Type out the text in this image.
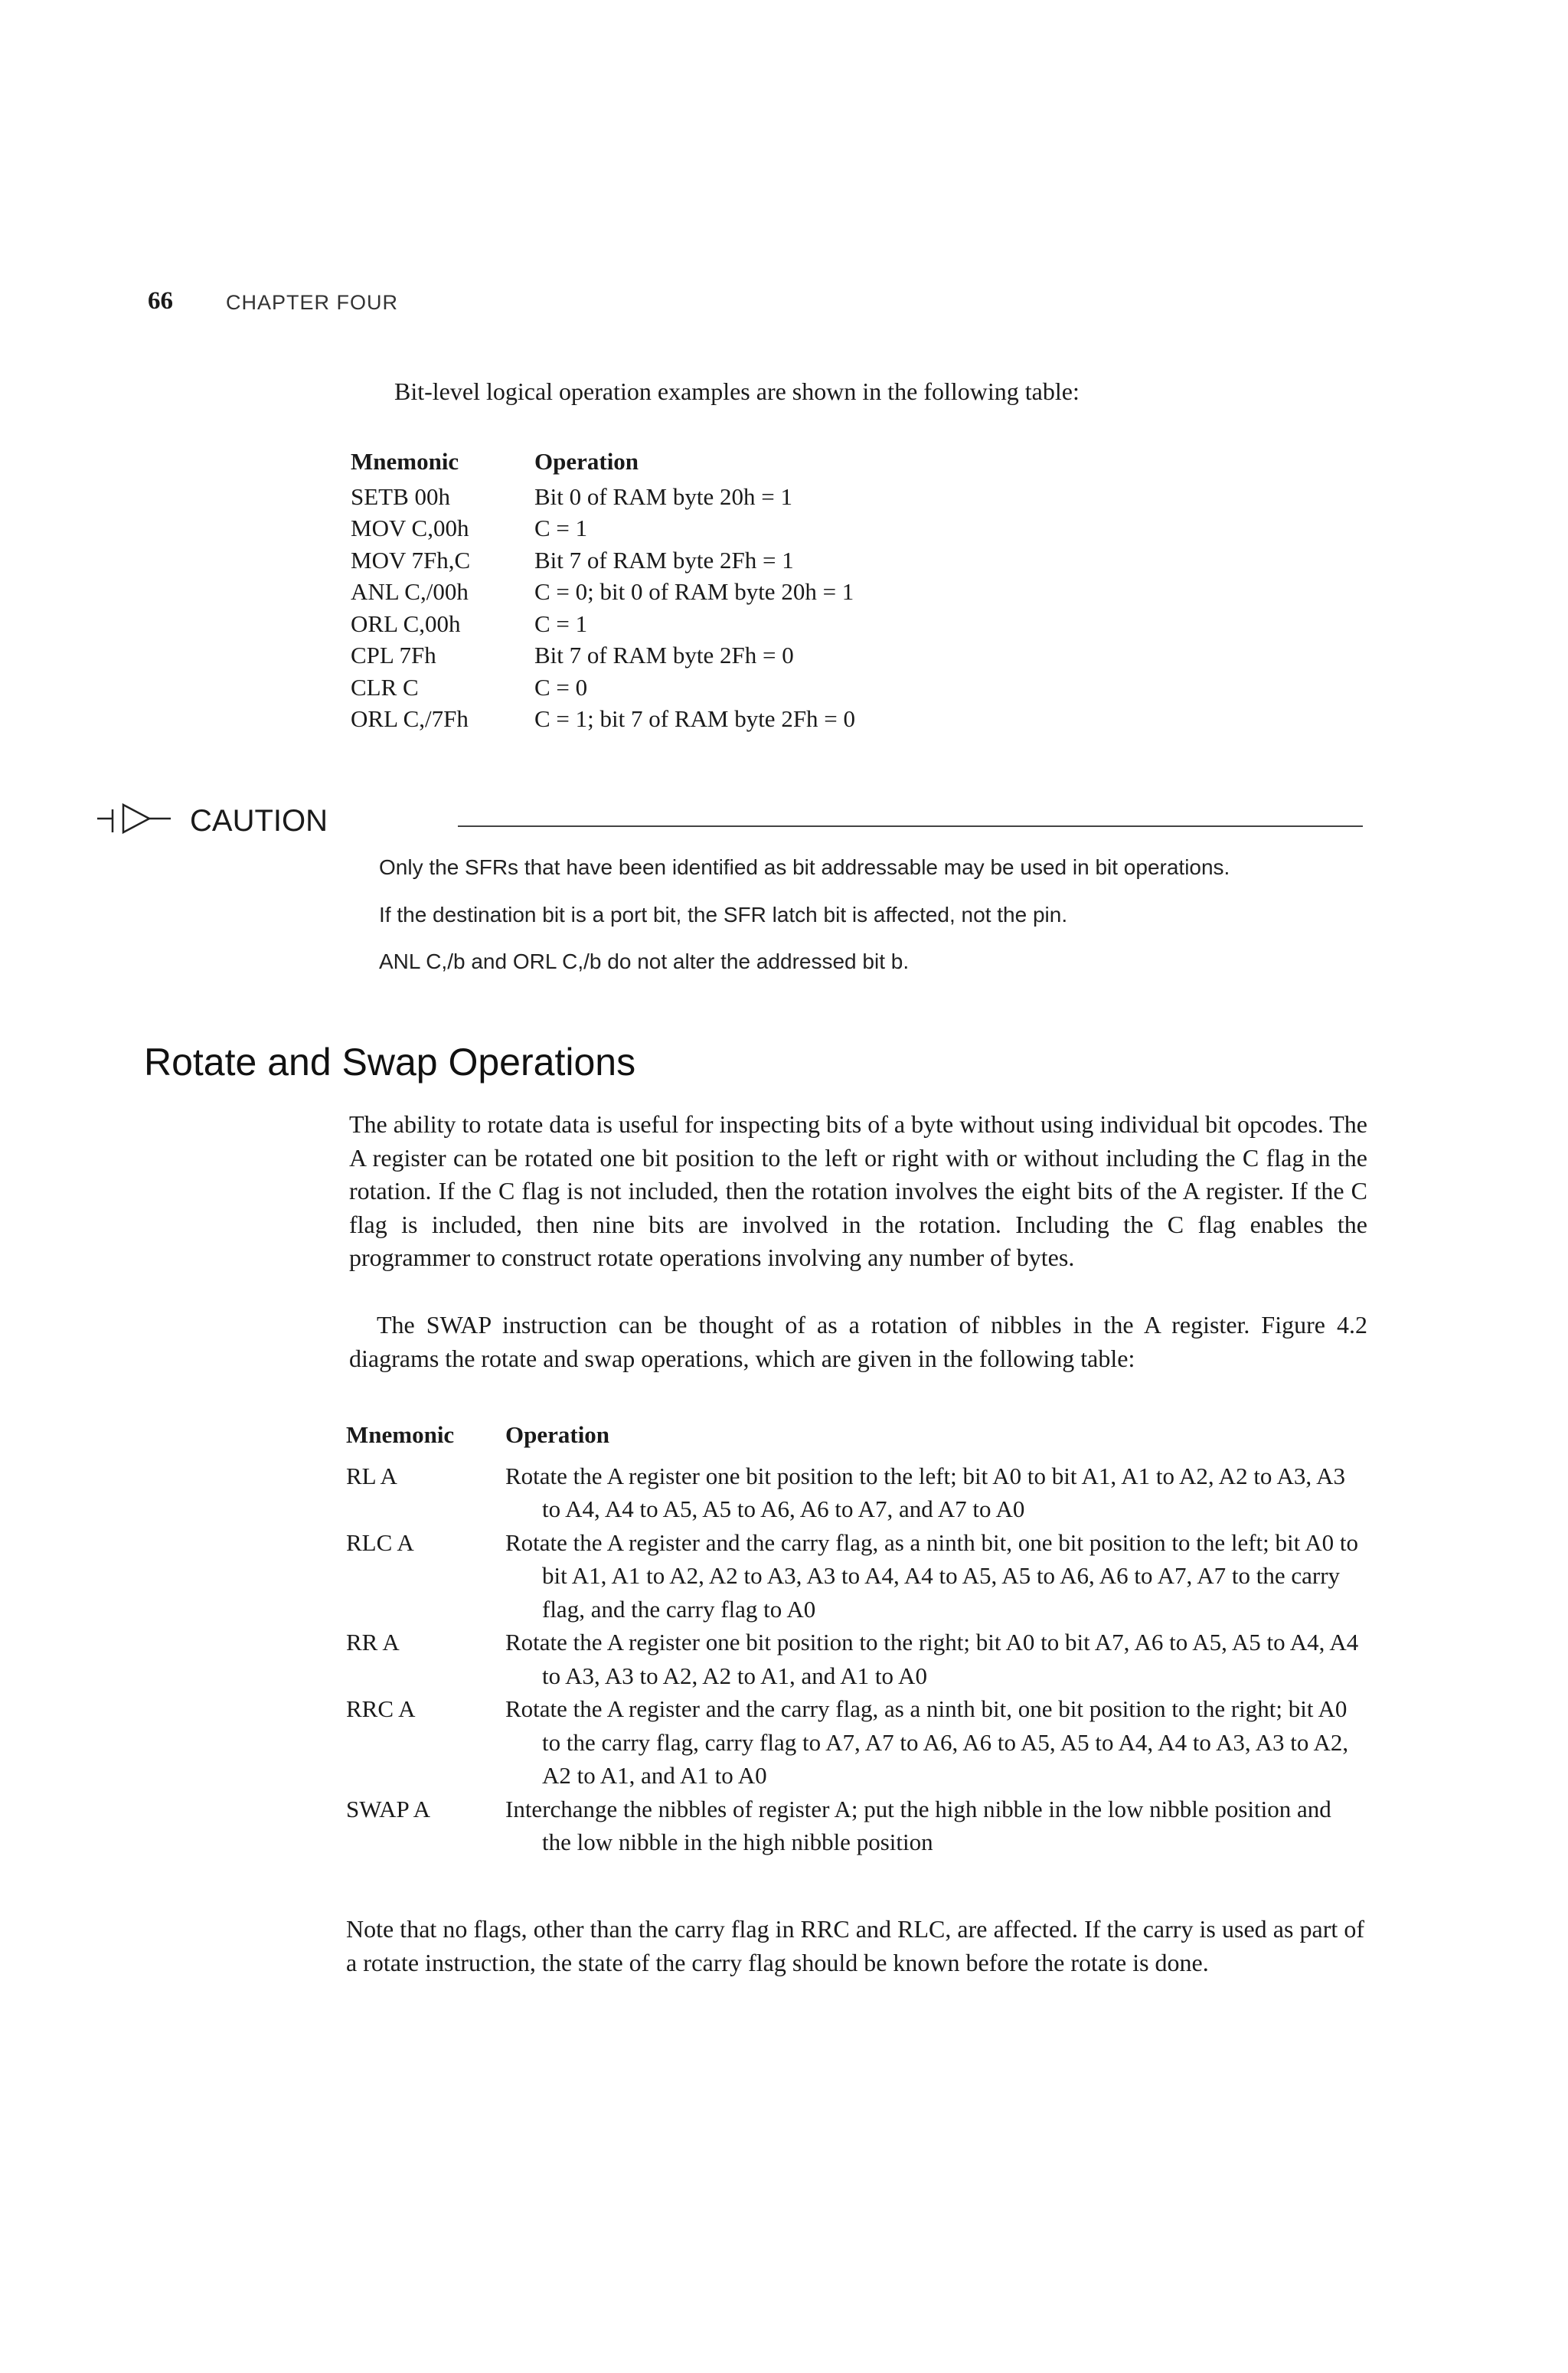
66	CHAPTER FOUR

Bit-level logical operation examples are shown in the following table:

Mnemonic	Operation
SETB 00h	Bit 0 of RAM byte 20h = 1
MOV C,00h	C = 1
MOV 7Fh,C	Bit 7 of RAM byte 2Fh = 1
ANL C,/00h	C = 0; bit 0 of RAM byte 20h = 1
ORL C,00h	C = 1
CPL 7Fh	Bit 7 of RAM byte 2Fh = 0
CLR C	C = 0
ORL C,/7Fh	C = 1; bit 7 of RAM byte 2Fh = 0
CAUTION
Only the SFRs that have been identified as bit addressable may be used in bit operations.
If the destination bit is a port bit, the SFR latch bit is affected, not the pin.
ANL C,/b and ORL C,/b do not alter the addressed bit b.
Rotate and Swap Operations

The ability to rotate data is useful for inspecting bits of a byte without using individual bit opcodes. The A register can be rotated one bit position to the left or right with or without including the C flag in the rotation. If the C flag is not included, then the rotation involves the eight bits of the A register. If the C flag is included, then nine bits are involved in the rotation. Including the C flag enables the programmer to construct rotate operations involving any number of bytes.

The SWAP instruction can be thought of as a rotation of nibbles in the A register. Figure 4.2 diagrams the rotate and swap operations, which are given in the following table:

Mnemonic	Operation
RL A	Rotate the A register one bit position to the left; bit A0 to bit A1, A1 to A2, A2 to A3, A3 to A4, A4 to A5, A5 to A6, A6 to A7, and A7 to A0
RLC A	Rotate the A register and the carry flag, as a ninth bit, one bit position to the left; bit A0 to bit A1, A1 to A2, A2 to A3, A3 to A4, A4 to A5, A5 to A6, A6 to A7, A7 to the carry flag, and the carry flag to A0
RR A	Rotate the A register one bit position to the right; bit A0 to bit A7, A6 to A5, A5 to A4, A4 to A3, A3 to A2, A2 to A1, and A1 to A0
RRC A	Rotate the A register and the carry flag, as a ninth bit, one bit position to the right; bit A0 to the carry flag, carry flag to A7, A7 to A6, A6 to A5, A5 to A4, A4 to A3, A3 to A2, A2 to A1, and A1 to A0
SWAP A	Interchange the nibbles of register A; put the high nibble in the low nibble position and the low nibble in the high nibble position

Note that no flags, other than the carry flag in RRC and RLC, are affected. If the carry is used as part of a rotate instruction, the state of the carry flag should be known before the rotate is done.
